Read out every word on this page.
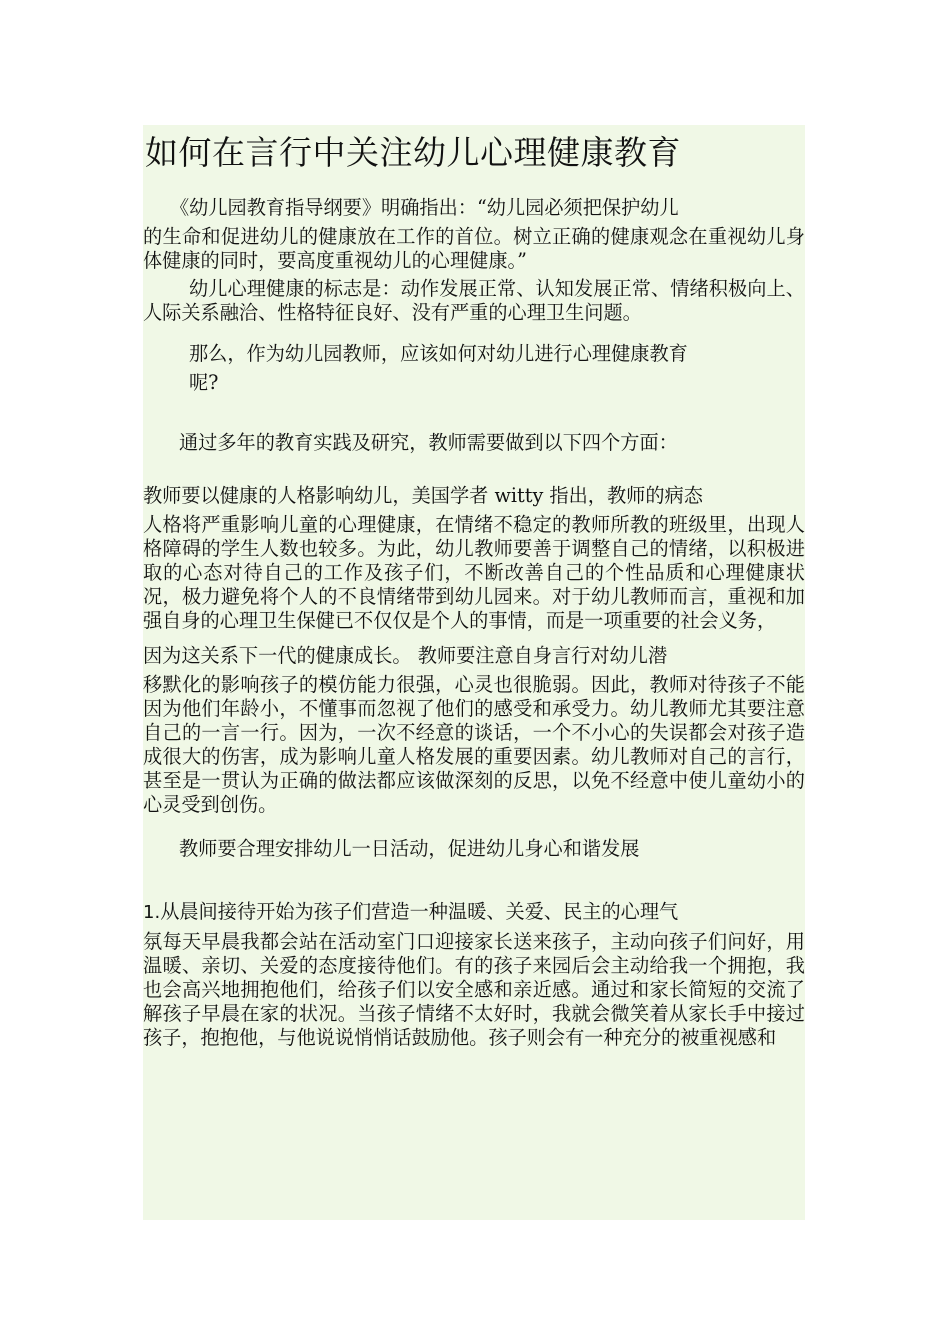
如何在言行中关注幼儿心理健康教育

《幼儿园教育指导纲要》明确指出：“幼儿园必须把保护幼儿
的生命和促进幼儿的健康放在工作的首位。树立正确的健康观念在重视幼儿身体健康的同时，要高度重视幼儿的心理健康。”

幼儿心理健康的标志是：动作发展正常、认知发展正常、情绪积极向上、人际关系融洽、性格特征良好、没有严重的心理卫生问题。

那么，作为幼儿园教师，应该如何对幼儿进行心理健康教育
呢?

通过多年的教育实践及研究，教师需要做到以下四个方面：

教师要以健康的人格影响幼儿，美国学者 witty 指出，教师的病态
人格将严重影响儿童的心理健康，在情绪不稳定的教师所教的班级里，出现人格障碍的学生人数也较多。为此，幼儿教师要善于调整自己的情绪，以积极进取的心态对待自己的工作及孩子们，不断改善自己的个性品质和心理健康状况，极力避免将个人的不良情绪带到幼儿园来。对于幼儿教师而言，重视和加强自身的心理卫生保健已不仅仅是个人的事情，而是一项重要的社会义务，

因为这关系下一代的健康成长。 教师要注意自身言行对幼儿潜
移默化的影响孩子的模仿能力很强，心灵也很脆弱。因此，教师对待孩子不能因为他们年龄小，不懂事而忽视了他们的感受和承受力。幼儿教师尤其要注意自己的一言一行。因为，一次不经意的谈话，一个不小心的失误都会对孩子造成很大的伤害，成为影响儿童人格发展的重要因素。幼儿教师对自己的言行，甚至是一贯认为正确的做法都应该做深刻的反思，以免不经意中使儿童幼小的心灵受到创伤。

教师要合理安排幼儿一日活动，促进幼儿身心和谐发展

1.从晨间接待开始为孩子们营造一种温暖、关爱、民主的心理气
氛每天早晨我都会站在活动室门口迎接家长送来孩子，主动向孩子们问好，用温暖、亲切、关爱的态度接待他们。有的孩子来园后会主动给我一个拥抱，我也会高兴地拥抱他们，给孩子们以安全感和亲近感。通过和家长简短的交流了解孩子早晨在家的状况。当孩子情绪不太好时，我就会微笑着从家长手中接过孩子，抱抱他，与他说说悄悄话鼓励他。孩子则会有一种充分的被重视感和
